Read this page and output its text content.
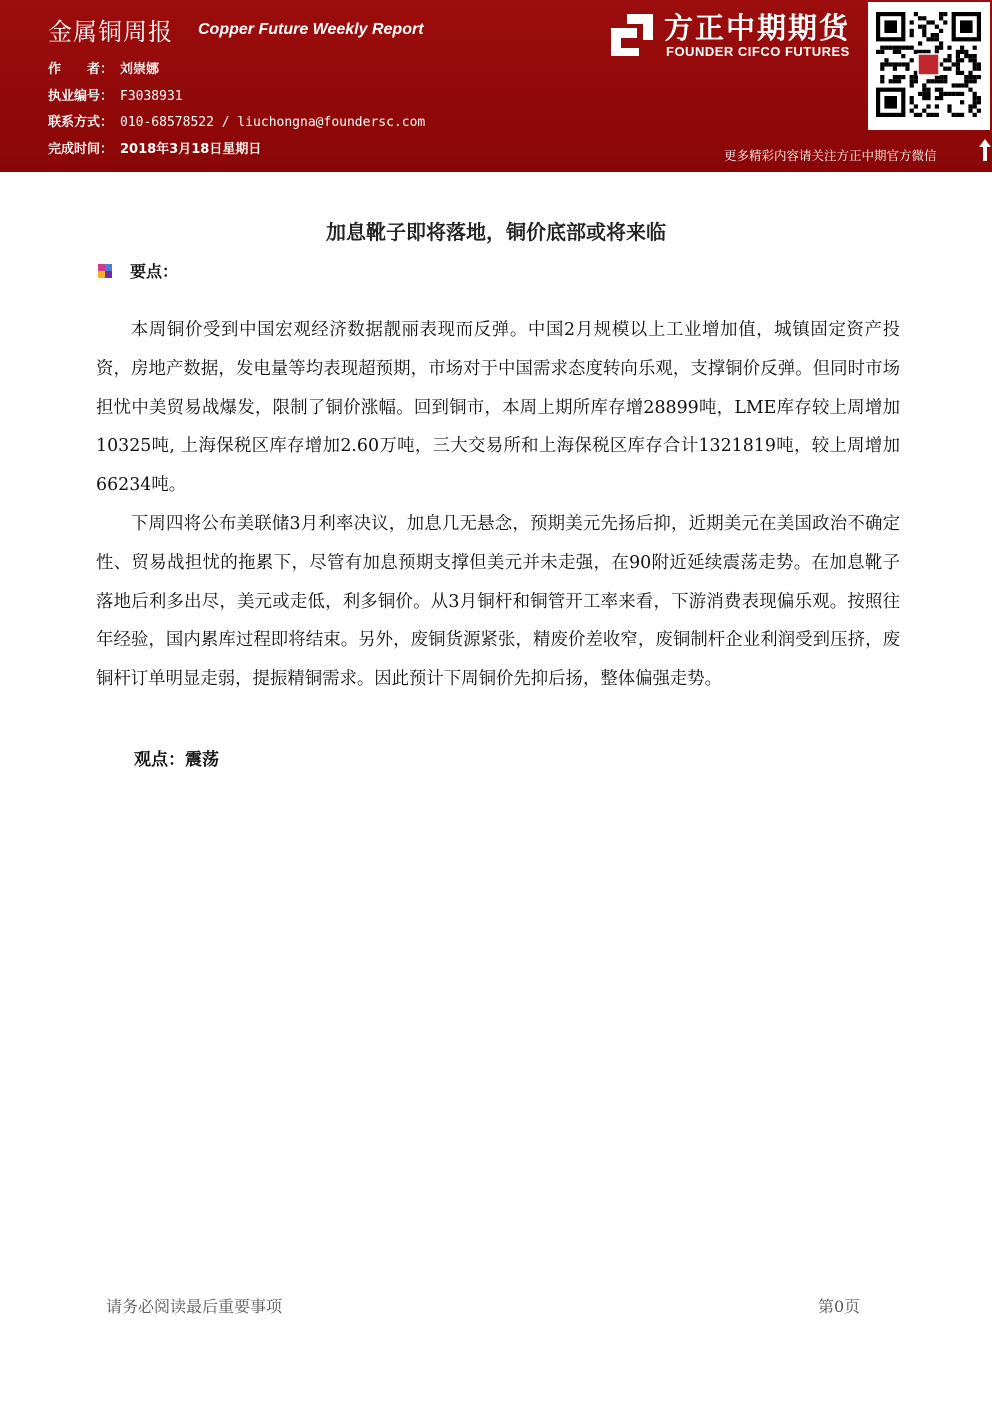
金属铜周报 Copper Future Weekly Report
作　　者： 刘崇娜
执业编号： F3038931
联系方式： 010-68578522 / liuchongna@foundersc.com
完成时间： 2018年3月18日星期日
方正中期期货
FOUNDER CIFCO FUTURES
更多精彩内容请关注方正中期官方微信
加息靴子即将落地，铜价底部或将来临
要点：

本周铜价受到中国宏观经济数据靓丽表现而反弹。中国2月规模以上工业增加值，城镇固定资产投资，房地产数据，发电量等均表现超预期，市场对于中国需求态度转向乐观，支撑铜价反弹。但同时市场担忧中美贸易战爆发，限制了铜价涨幅。回到铜市，本周上期所库存增28899吨，LME库存较上周增加10325吨, 上海保税区库存增加2.60万吨，三大交易所和上海保税区库存合计1321819吨，较上周增加66234吨。

下周四将公布美联储3月利率决议，加息几无悬念，预期美元先扬后抑，近期美元在美国政治不确定性、贸易战担忧的拖累下，尽管有加息预期支撑但美元并未走强，在90附近延续震荡走势。在加息靴子落地后利多出尽，美元或走低，利多铜价。从3月铜杆和铜管开工率来看，下游消费表现偏乐观。按照往年经验，国内累库过程即将结束。另外，废铜货源紧张，精废价差收窄，废铜制杆企业利润受到压挤，废铜杆订单明显走弱，提振精铜需求。因此预计下周铜价先抑后扬，整体偏强走势。

观点：震荡
请务必阅读最后重要事项	第0页
